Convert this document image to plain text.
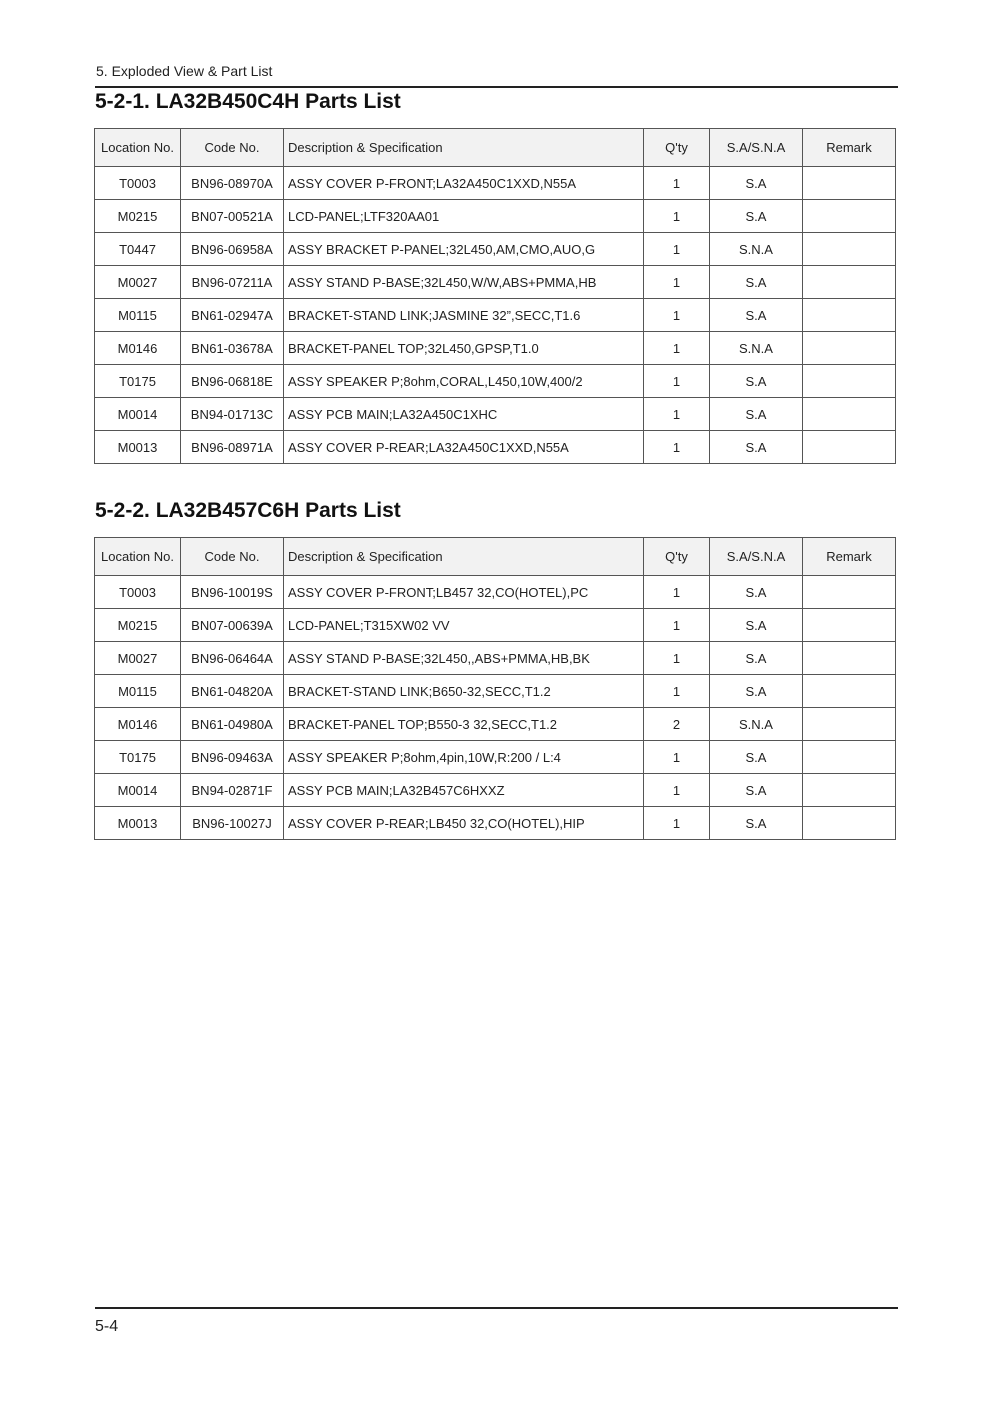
5. Exploded View & Part List
5-2-1. LA32B450C4H Parts List
Location No.	Code No.	Description & Specification	Q'ty	S.A/S.N.A	Remark
T0003	BN96-08970A	ASSY COVER P-FRONT;LA32A450C1XXD,N55A	1	S.A	
M0215	BN07-00521A	LCD-PANEL;LTF320AA01	1	S.A	
T0447	BN96-06958A	ASSY BRACKET P-PANEL;32L450,AM,CMO,AUO,G	1	S.N.A	
M0027	BN96-07211A	ASSY STAND P-BASE;32L450,W/W,ABS+PMMA,HB	1	S.A	
M0115	BN61-02947A	BRACKET-STAND LINK;JASMINE 32”,SECC,T1.6	1	S.A	
M0146	BN61-03678A	BRACKET-PANEL TOP;32L450,GPSP,T1.0	1	S.N.A	
T0175	BN96-06818E	ASSY SPEAKER P;8ohm,CORAL,L450,10W,400/2	1	S.A	
M0014	BN94-01713C	ASSY PCB MAIN;LA32A450C1XHC	1	S.A	
M0013	BN96-08971A	ASSY COVER P-REAR;LA32A450C1XXD,N55A	1	S.A	
5-2-2. LA32B457C6H Parts List
Location No.	Code No.	Description & Specification	Q'ty	S.A/S.N.A	Remark
T0003	BN96-10019S	ASSY COVER P-FRONT;LB457 32,CO(HOTEL),PC	1	S.A	
M0215	BN07-00639A	LCD-PANEL;T315XW02 VV	1	S.A	
M0027	BN96-06464A	ASSY STAND P-BASE;32L450,,ABS+PMMA,HB,BK	1	S.A	
M0115	BN61-04820A	BRACKET-STAND LINK;B650-32,SECC,T1.2	1	S.A	
M0146	BN61-04980A	BRACKET-PANEL TOP;B550-3 32,SECC,T1.2	2	S.N.A	
T0175	BN96-09463A	ASSY SPEAKER P;8ohm,4pin,10W,R:200 / L:4	1	S.A	
M0014	BN94-02871F	ASSY PCB MAIN;LA32B457C6HXXZ	1	S.A	
M0013	BN96-10027J	ASSY COVER P-REAR;LB450 32,CO(HOTEL),HIP	1	S.A	
5-4
